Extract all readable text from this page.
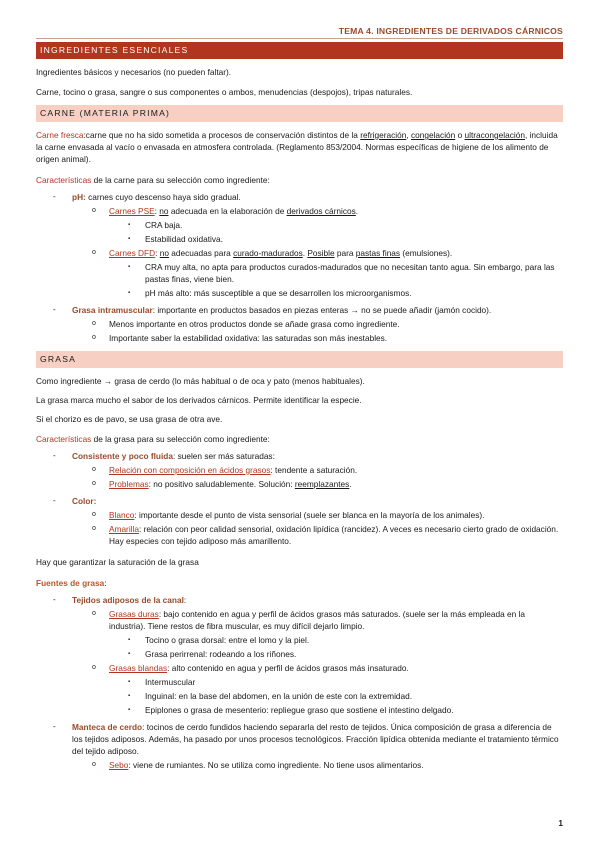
TEMA 4. INGREDIENTES DE DERIVADOS CÁRNICOS
INGREDIENTES ESENCIALES

Ingredientes básicos y necesarios (no pueden faltar).

Carne, tocino o grasa, sangre o sus componentes o ambos, menudencias (despojos), tripas naturales.

CARNE (MATERIA PRIMA)

Carne fresca:carne que no ha sido sometida a procesos de conservación distintos de la refrigeración, congelación o ultracongelación, incluida la carne envasada al vacío o envasada en atmosfera controlada. (Reglamento 853/2004. Normas específicas de higiene de los alimento de origen animal).

Características de la carne para su selección como ingrediente:

- pH: carnes cuyo descenso haya sido gradual.
o Carnes PSE: no adecuada en la elaboración de derivados cárnicos.
▪ CRA baja.
▪ Estabilidad oxidativa.
o Carnes DFD: no adecuadas para curado-madurados. Posible para pastas finas (emulsiones).
▪ CRA muy alta, no apta para productos curados-madurados que no necesitan tanto agua. Sin embargo, para las pastas finas, viene bien.
▪ pH más alto: más susceptible a que se desarrollen los microorganismos.
- Grasa intramuscular: importante en productos basados en piezas enteras → no se puede añadir (jamón cocido).
o Menos importante en otros productos donde se añade grasa como ingrediente.
o Importante saber la estabilidad oxidativa: las saturadas son más inestables.
GRASA

Como ingrediente → grasa de cerdo (lo más habitual o de oca y pato (menos habituales).

La grasa marca mucho el sabor de los derivados cárnicos. Permite identificar la especie.

Si el chorizo es de pavo, se usa grasa de otra ave.

Características de la grasa para su selección como ingrediente:

- Consistente y poco fluida: suelen ser más saturadas:
o Relación con composición en ácidos grasos: tendente a saturación.
o Problemas: no positivo saludablemente. Solución: reemplazantes.
- Color:
o Blanco: importante desde el punto de vista sensorial (suele ser blanca en la mayoría de los animales).
o Amarilla: relación con peor calidad sensorial, oxidación lipídica (rancidez). A veces es necesario cierto grado de oxidación. Hay especies con tejido adiposo más amarillento.

Hay que garantizar la saturación de la grasa

Fuentes de grasa:

- Tejidos adiposos de la canal:
o Grasas duras: bajo contenido en agua y perfil de ácidos grasos más saturados. (suele ser la más empleada en la industria). Tiene restos de fibra muscular, es muy difícil dejarlo limpio.
▪ Tocino o grasa dorsal: entre el lomo y la piel.
▪ Grasa perirrenal: rodeando a los riñones.
o Grasas blandas: alto contenido en agua y perfil de ácidos grasos más insaturado.
▪ Intermuscular
▪ Inguinal: en la base del abdomen, en la unión de este con la extremidad.
▪ Epiplones o grasa de mesenterio: repliegue graso que sostiene el intestino delgado.
- Manteca de cerdo: tocinos de cerdo fundidos haciendo separarla del resto de tejidos. Única composición de grasa a diferencia de los tejidos adiposos. Además, ha pasado por unos procesos tecnológicos. Fracción lipídica obtenida mediante el tratamiento térmico del tejido adiposo.
o Sebo: viene de rumiantes. No se utiliza como ingrediente. No tiene usos alimentarios.
1
